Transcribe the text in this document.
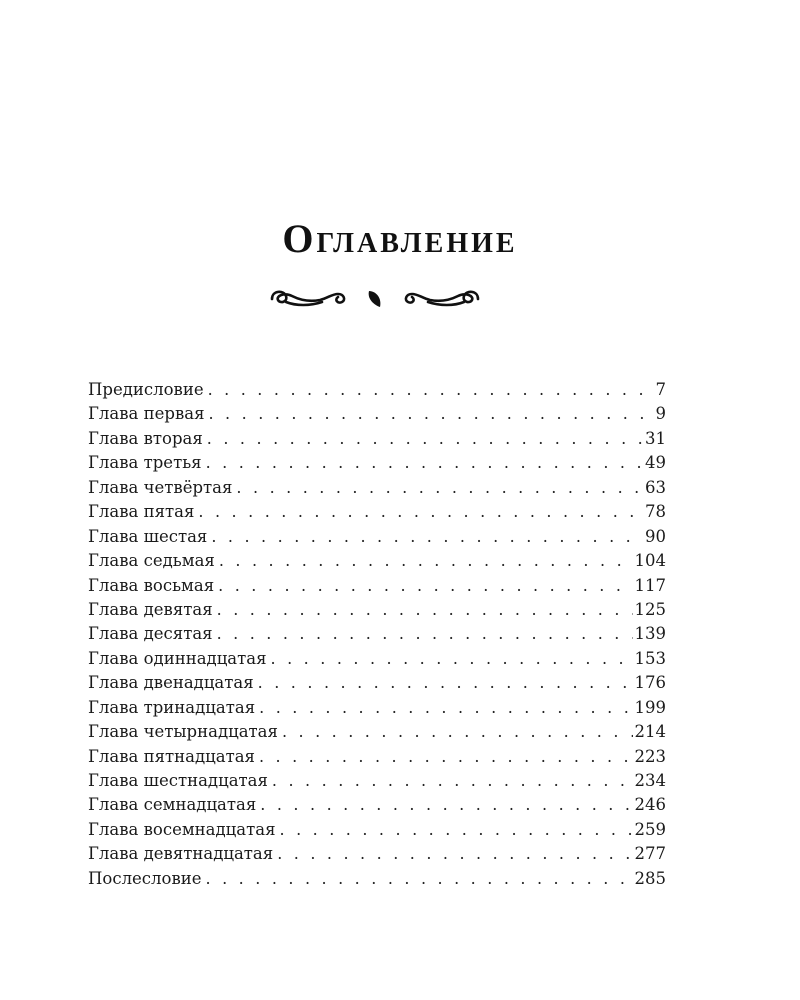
Оглавление
Предисловие . . .	7
Глава первая . . .	9
Глава вторая . . .	31
Глава третья . . .	49
Глава четвёртая . . .	63
Глава пятая . . .	78
Глава шестая . . .	90
Глава седьмая . . .	104
Глава восьмая . . .	117
Глава девятая . . .	125
Глава десятая . . .	139
Глава одиннадцатая . . .	153
Глава двенадцатая . . .	176
Глава тринадцатая . . .	199
Глава четырнадцатая . . .	214
Глава пятнадцатая . . .	223
Глава шестнадцатая . . .	234
Глава семнадцатая . . .	246
Глава восемнадцатая . . .	259
Глава девятнадцатая . . .	277
Послесловие . . .	285
